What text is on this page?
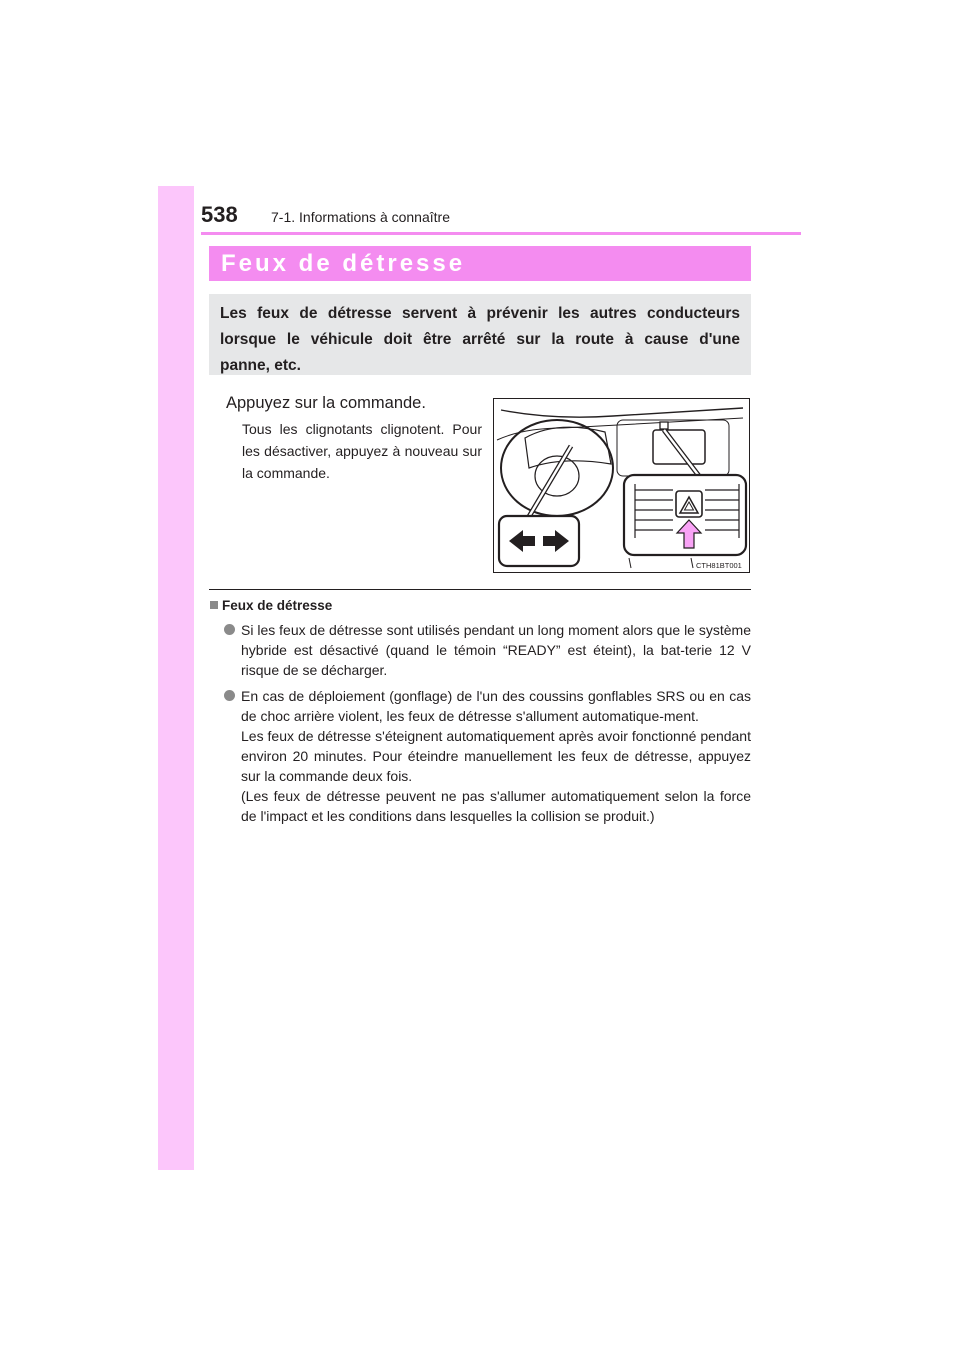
538 7-1. Informations à connaître
Feux de détresse

Les feux de détresse servent à prévenir les autres conducteurs lorsque le véhicule doit être arrêté sur la route à cause d'une
panne, etc.

Appuyez sur la commande.
Tous les clignotants clignotent. Pour les désactiver, appuyez à nouveau sur la commande.
CTH81BT001
Feux de détresse
Si les feux de détresse sont utilisés pendant un long moment alors que le système hybride est désactivé (quand le témoin “READY” est éteint), la bat-terie 12 V risque de se décharger.
En cas de déploiement (gonflage) de l'un des coussins gonflables SRS ou en cas de choc arrière violent, les feux de détresse s'allument automatique-ment.
Les feux de détresse s'éteignent automatiquement après avoir fonctionné pendant environ 20 minutes. Pour éteindre manuellement les feux de détresse, appuyez sur la commande deux fois.
(Les feux de détresse peuvent ne pas s'allumer automatiquement selon la force de l'impact et les conditions dans lesquelles la collision se produit.)
